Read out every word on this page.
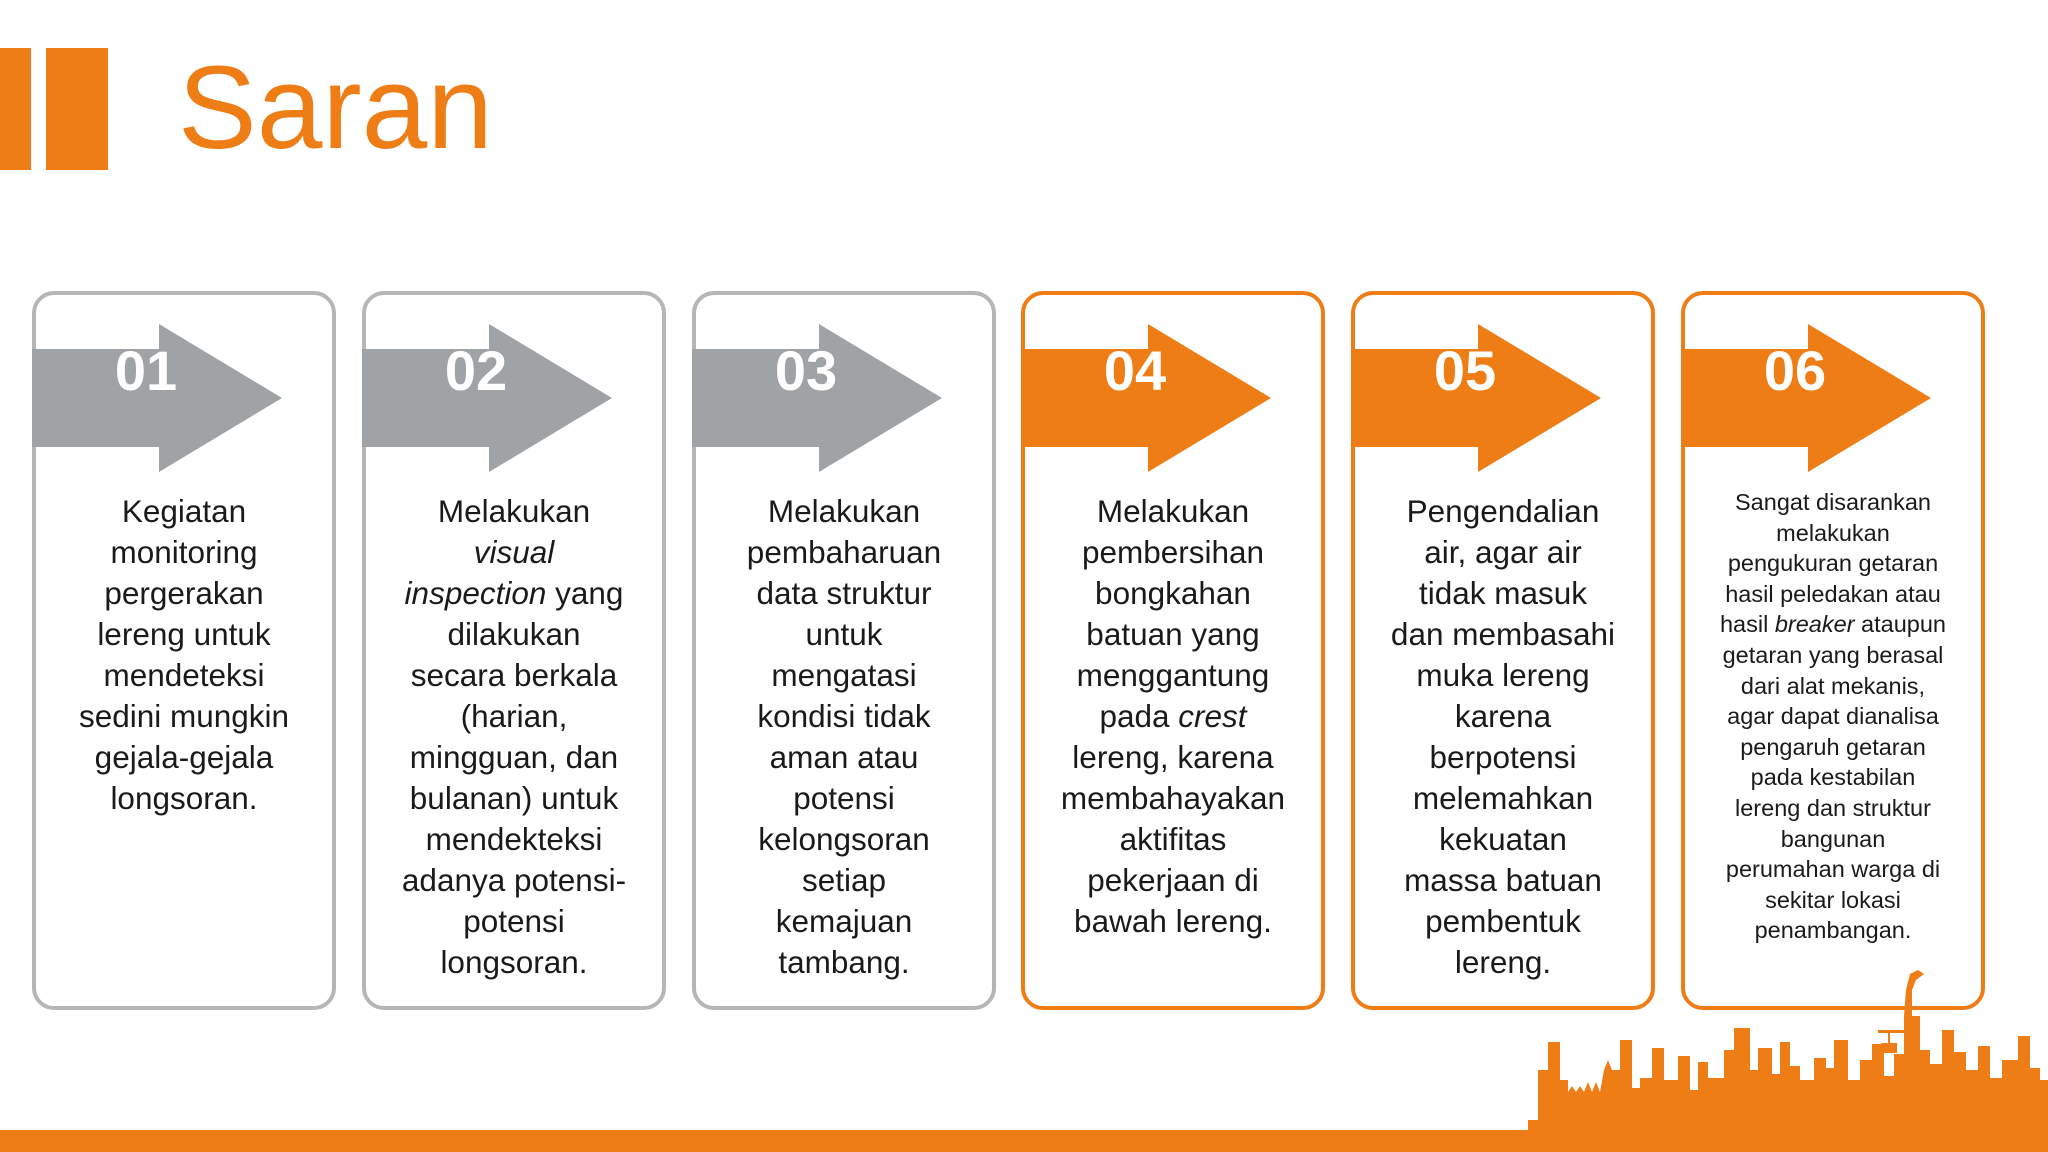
Saran
01
Kegiatan
monitoring
pergerakan
lereng untuk
mendeteksi
sedini mungkin
gejala-gejala
longsoran.
02
Melakukan
visual
inspection yang
dilakukan
secara berkala
(harian,
mingguan, dan
bulanan) untuk
mendekteksi
adanya potensi-
potensi
longsoran.
03
Melakukan
pembaharuan
data struktur
untuk
mengatasi
kondisi tidak
aman atau
potensi
kelongsoran
setiap
kemajuan
tambang.
04
Melakukan
pembersihan
bongkahan
batuan yang
menggantung
pada crest
lereng, karena
membahayakan
aktifitas
pekerjaan di
bawah lereng.
05
Pengendalian
air, agar air
tidak masuk
dan membasahi
muka lereng
karena
berpotensi
melemahkan
kekuatan
massa batuan
pembentuk
lereng.
06
Sangat disarankan
melakukan
pengukuran getaran
hasil peledakan atau
hasil breaker ataupun
getaran yang berasal
dari alat mekanis,
agar dapat dianalisa
pengaruh getaran
pada kestabilan
lereng dan struktur
bangunan
perumahan warga di
sekitar lokasi
penambangan.
